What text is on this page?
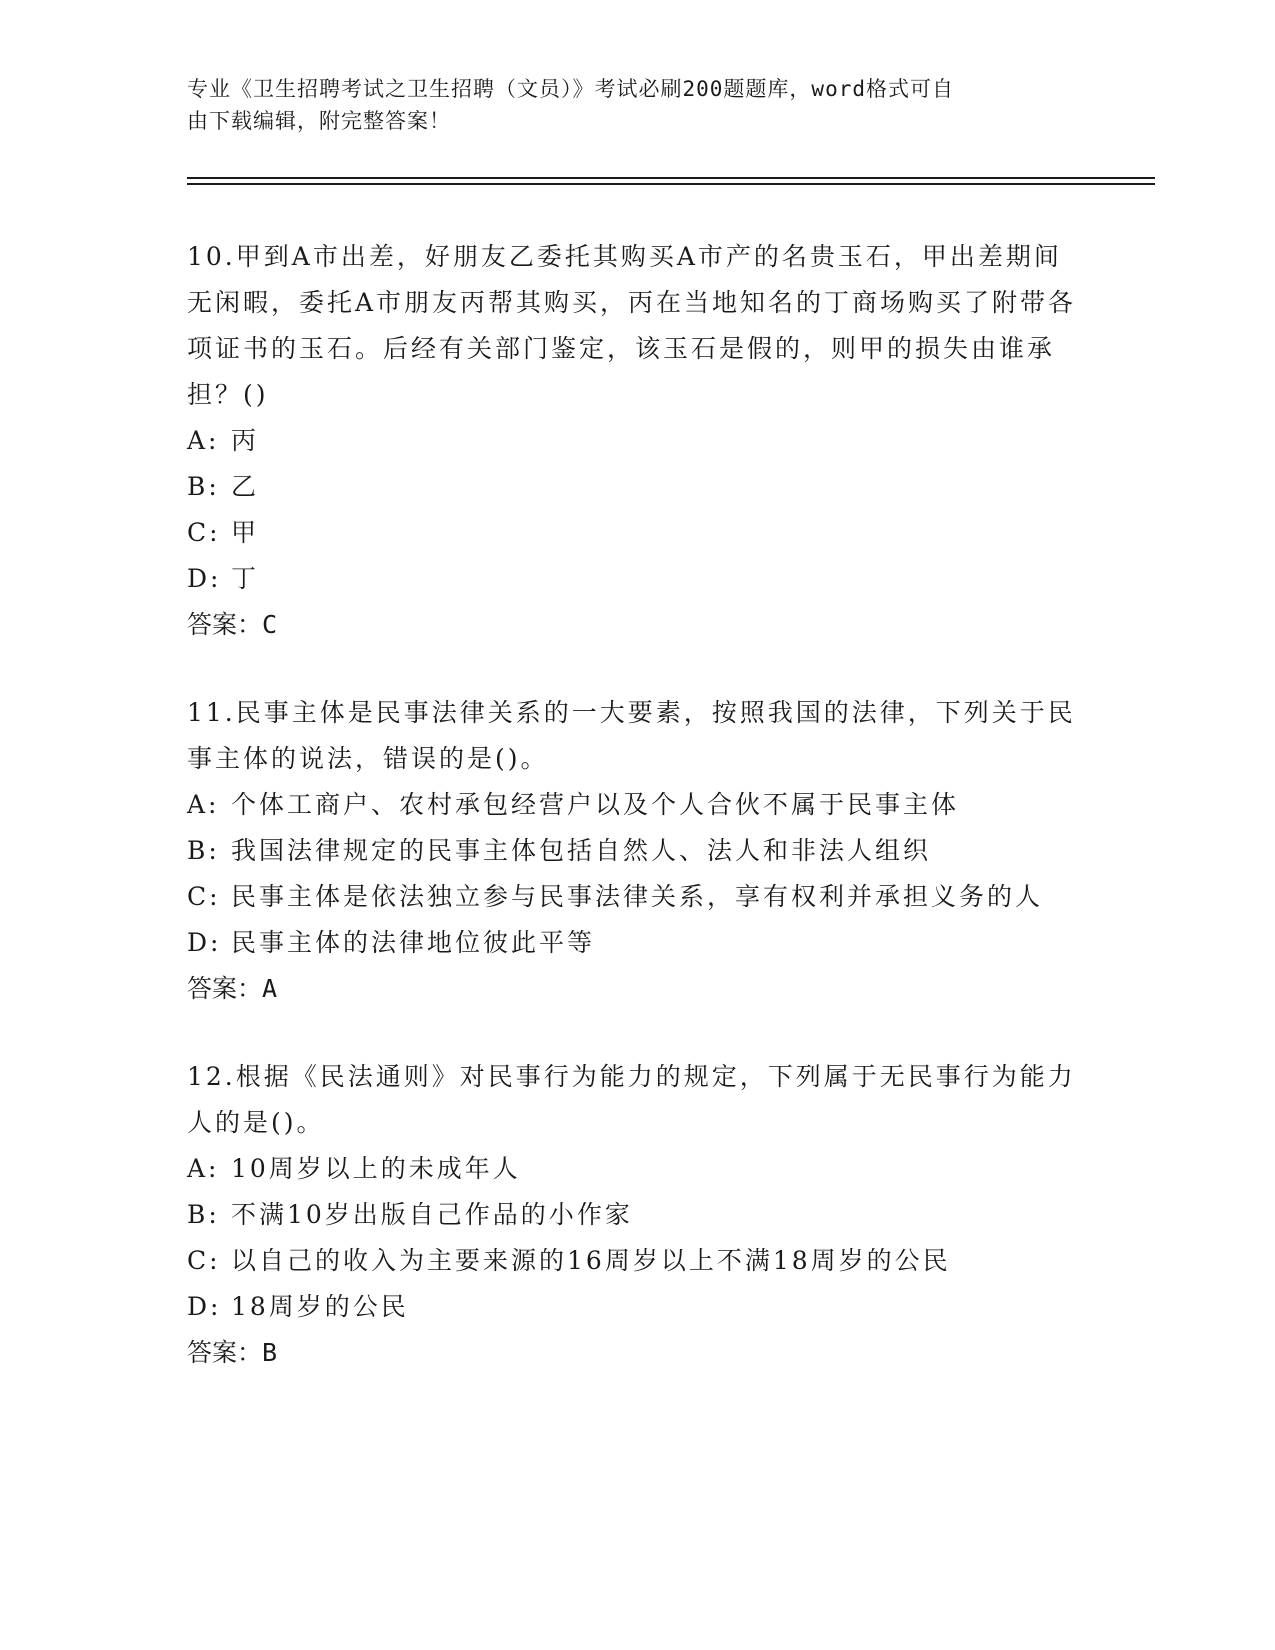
专业《卫生招聘考试之卫生招聘（文员）》考试必刷200题题库，word格式可自
由下载编辑，附完整答案！

10.甲到A市出差，好朋友乙委托其购买A市产的名贵玉石，甲出差期间无闲暇，委托A市朋友丙帮其购买，丙在当地知名的丁商场购买了附带各项证书的玉石。后经有关部门鉴定，该玉石是假的，则甲的损失由谁承担？()

A: 丙

B: 乙

C: 甲

D: 丁

答案：C

11.民事主体是民事法律关系的一大要素，按照我国的法律，下列关于民事主体的说法，错误的是()。

A: 个体工商户、农村承包经营户以及个人合伙不属于民事主体

B: 我国法律规定的民事主体包括自然人、法人和非法人组织

C: 民事主体是依法独立参与民事法律关系，享有权利并承担义务的人

D: 民事主体的法律地位彼此平等

答案：A

12.根据《民法通则》对民事行为能力的规定，下列属于无民事行为能力人的是()。

A: 10周岁以上的未成年人

B: 不满10岁出版自己作品的小作家

C: 以自己的收入为主要来源的16周岁以上不满18周岁的公民

D: 18周岁的公民

答案：B
